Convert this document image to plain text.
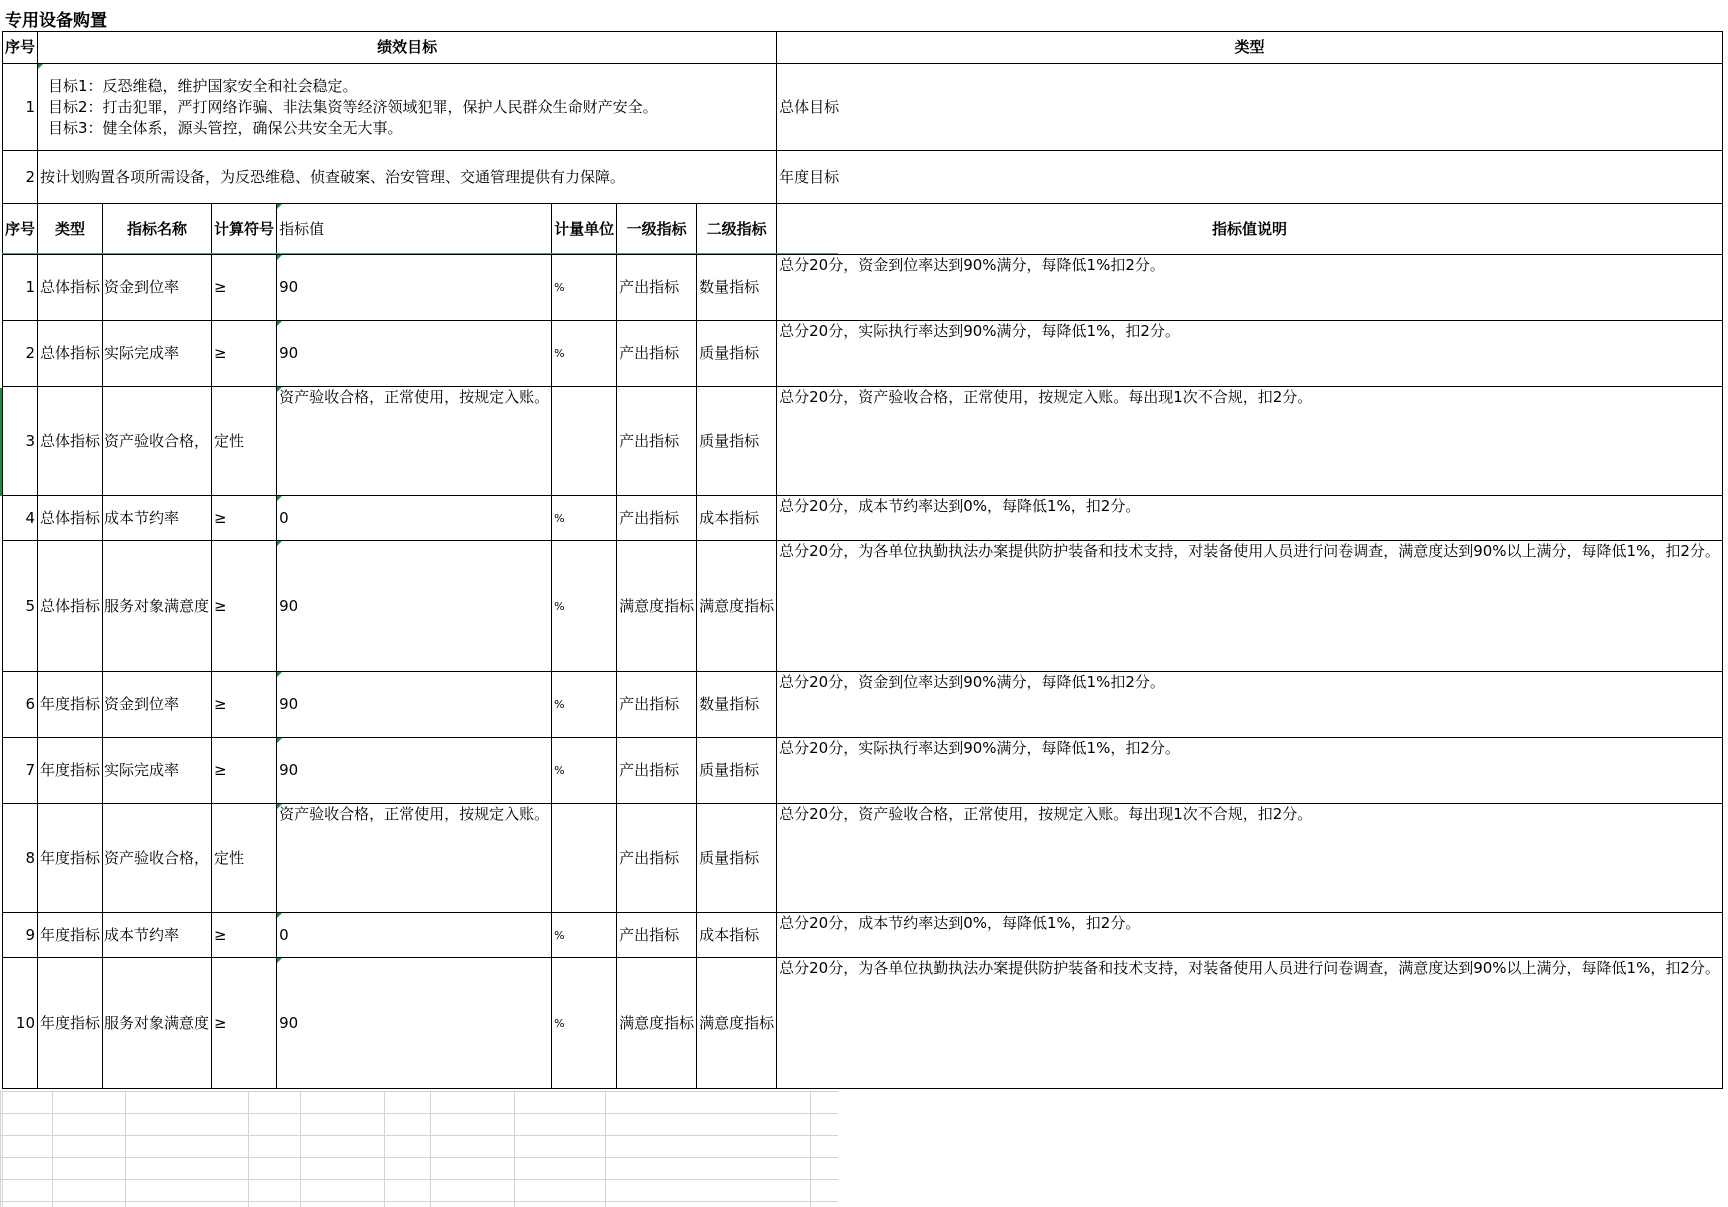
专用设备购置
序号	绩效目标							类型	
1	目标1：反恐维稳，维护国家安全和社会稳定。
目标2：打击犯罪，严打网络诈骗、非法集资等经济领域犯罪，保护人民群众生命财产安全。
目标3：健全体系，源头管控，确保公共安全无大事。							总体目标	
2	按计划购置各项所需设备，为反恐维稳、侦查破案、治安管理、交通管理提供有力保障。							年度目标	
序号	类型	指标名称	计算符号	指标值	计量单位	一级指标	二级指标	指标值说明	
1	总体指标	资金到位率	≥	90	%	产出指标	数量指标	总分20分，资金到位率达到90%满分，每降低1%扣2分。	
2	总体指标	实际完成率	≥	90	%	产出指标	质量指标	总分20分，实际执行率达到90%满分，每降低1%，扣2分。	
3	总体指标	资产验收合格，	定性	资产验收合格，正常使用，按规定入账。		产出指标	质量指标	总分20分，资产验收合格，正常使用，按规定入账。每出现1次不合规，扣2分。	
4	总体指标	成本节约率	≥	0	%	产出指标	成本指标	总分20分，成本节约率达到0%，每降低1%，扣2分。	
5	总体指标	服务对象满意度	≥	90	%	满意度指标	满意度指标	总分20分，为各单位执勤执法办案提供防护装备和技术支持，对装备使用人员进行问卷调查，满意度达到90%以上满分，每降低1%，扣2分。	
6	年度指标	资金到位率	≥	90	%	产出指标	数量指标	总分20分，资金到位率达到90%满分，每降低1%扣2分。	
7	年度指标	实际完成率	≥	90	%	产出指标	质量指标	总分20分，实际执行率达到90%满分，每降低1%，扣2分。	
8	年度指标	资产验收合格，	定性	资产验收合格，正常使用，按规定入账。		产出指标	质量指标	总分20分，资产验收合格，正常使用，按规定入账。每出现1次不合规，扣2分。	
9	年度指标	成本节约率	≥	0	%	产出指标	成本指标	总分20分，成本节约率达到0%，每降低1%，扣2分。	
10	年度指标	服务对象满意度	≥	90	%	满意度指标	满意度指标	总分20分，为各单位执勤执法办案提供防护装备和技术支持，对装备使用人员进行问卷调查，满意度达到90%以上满分，每降低1%，扣2分。	
